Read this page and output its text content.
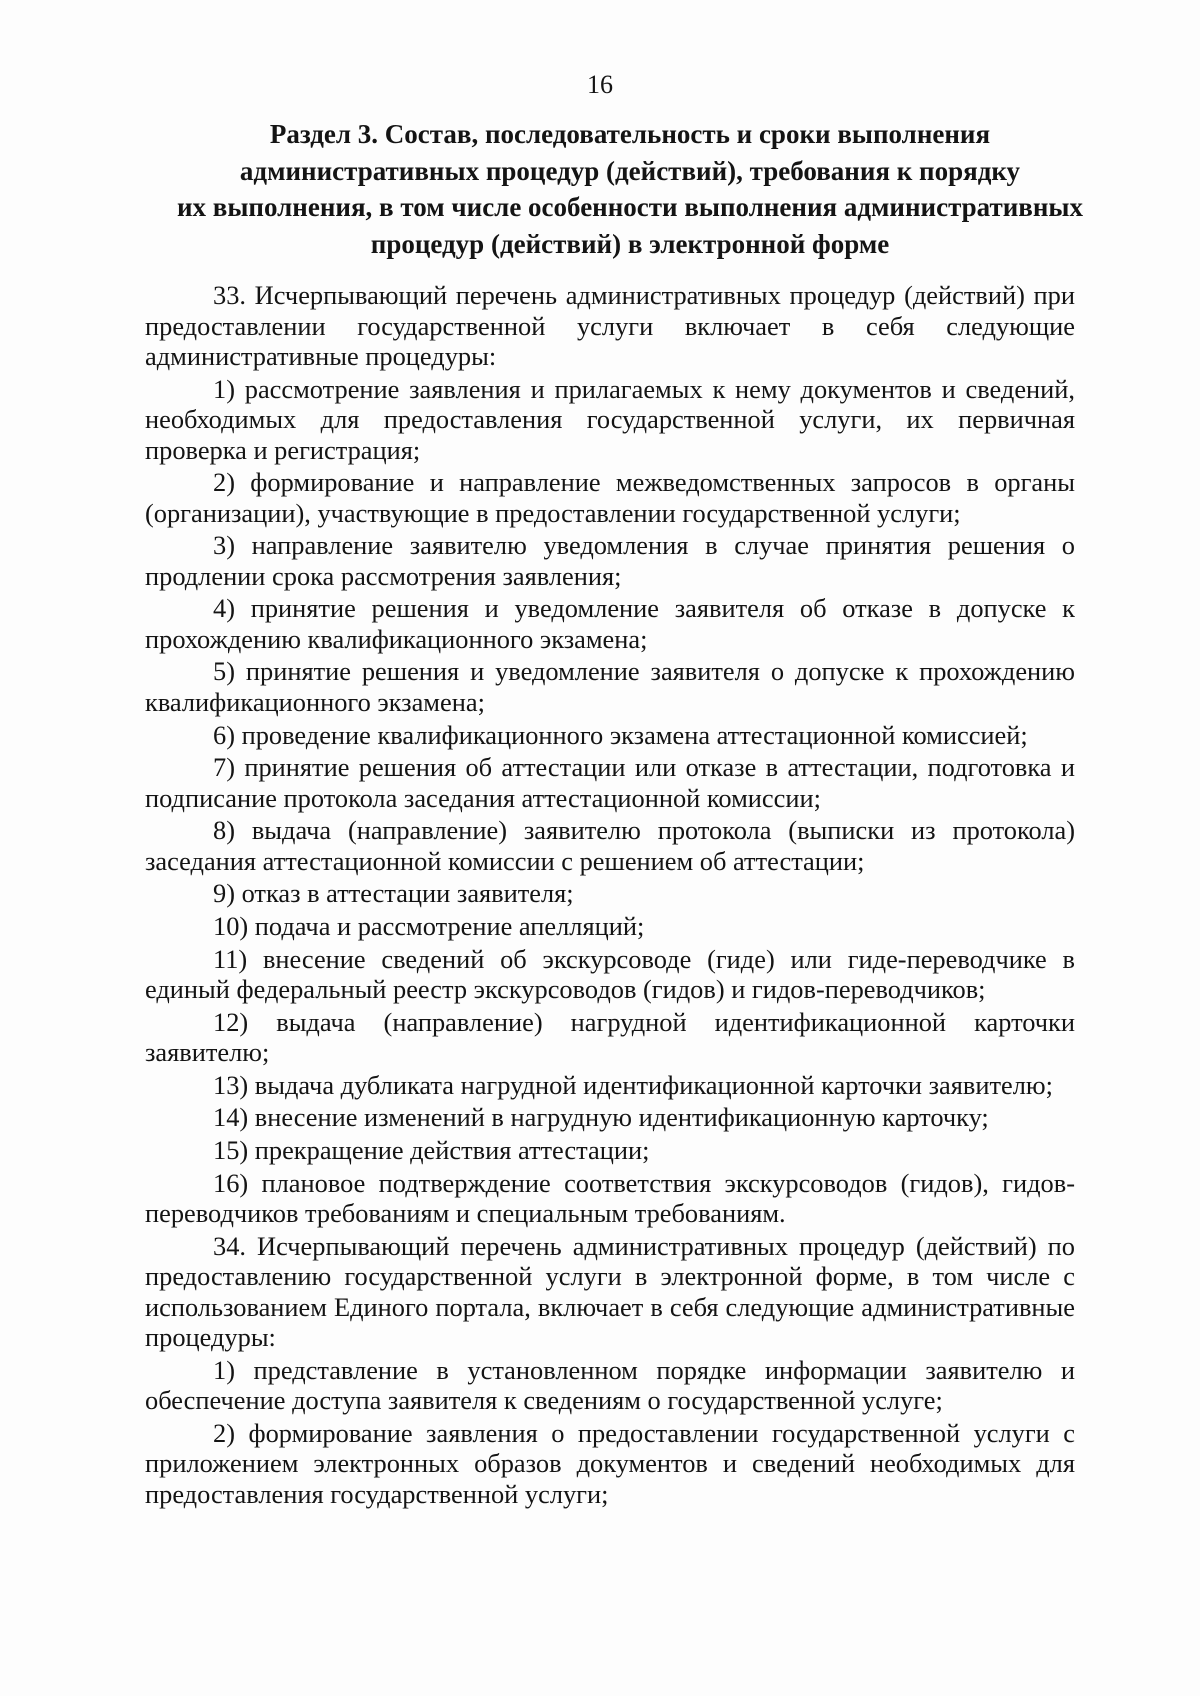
16
Раздел 3. Состав, последовательность и сроки выполнения
административных процедур (действий), требования к порядку
их выполнения, в том числе особенности выполнения административных
процедур (действий) в электронной форме

33. Исчерпывающий перечень административных процедур (действий) при предоставлении государственной услуги включает в себя следующие административные процедуры:

1) рассмотрение заявления и прилагаемых к нему документов и сведений, необходимых для предоставления государственной услуги, их первичная проверка и регистрация;

2) формирование и направление межведомственных запросов в органы (организации), участвующие в предоставлении государственной услуги;

3) направление заявителю уведомления в случае принятия решения о продлении срока рассмотрения заявления;

4) принятие решения и уведомление заявителя об отказе в допуске к прохождению квалификационного экзамена;

5) принятие решения и уведомление заявителя о допуске к прохождению квалификационного экзамена;

6) проведение квалификационного экзамена аттестационной комиссией;

7) принятие решения об аттестации или отказе в аттестации, подготовка и подписание протокола заседания аттестационной комиссии;

8) выдача (направление) заявителю протокола (выписки из протокола) заседания аттестационной комиссии с решением об аттестации;

9) отказ в аттестации заявителя;

10) подача и рассмотрение апелляций;

11) внесение сведений об экскурсоводе (гиде) или гиде-переводчике в единый федеральный реестр экскурсоводов (гидов) и гидов-переводчиков;

12) выдача (направление) нагрудной идентификационной карточки заявителю;

13) выдача дубликата нагрудной идентификационной карточки заявителю;

14) внесение изменений в нагрудную идентификационную карточку;

15) прекращение действия аттестации;

16) плановое подтверждение соответствия экскурсоводов (гидов), гидов-переводчиков требованиям и специальным требованиям.

34. Исчерпывающий перечень административных процедур (действий) по предоставлению государственной услуги в электронной форме, в том числе с использованием Единого портала, включает в себя следующие административные процедуры:

1) представление в установленном порядке информации заявителю и обеспечение доступа заявителя к сведениям о государственной услуге;

2) формирование заявления о предоставлении государственной услуги с приложением электронных образов документов и сведений необходимых для предоставления государственной услуги;
